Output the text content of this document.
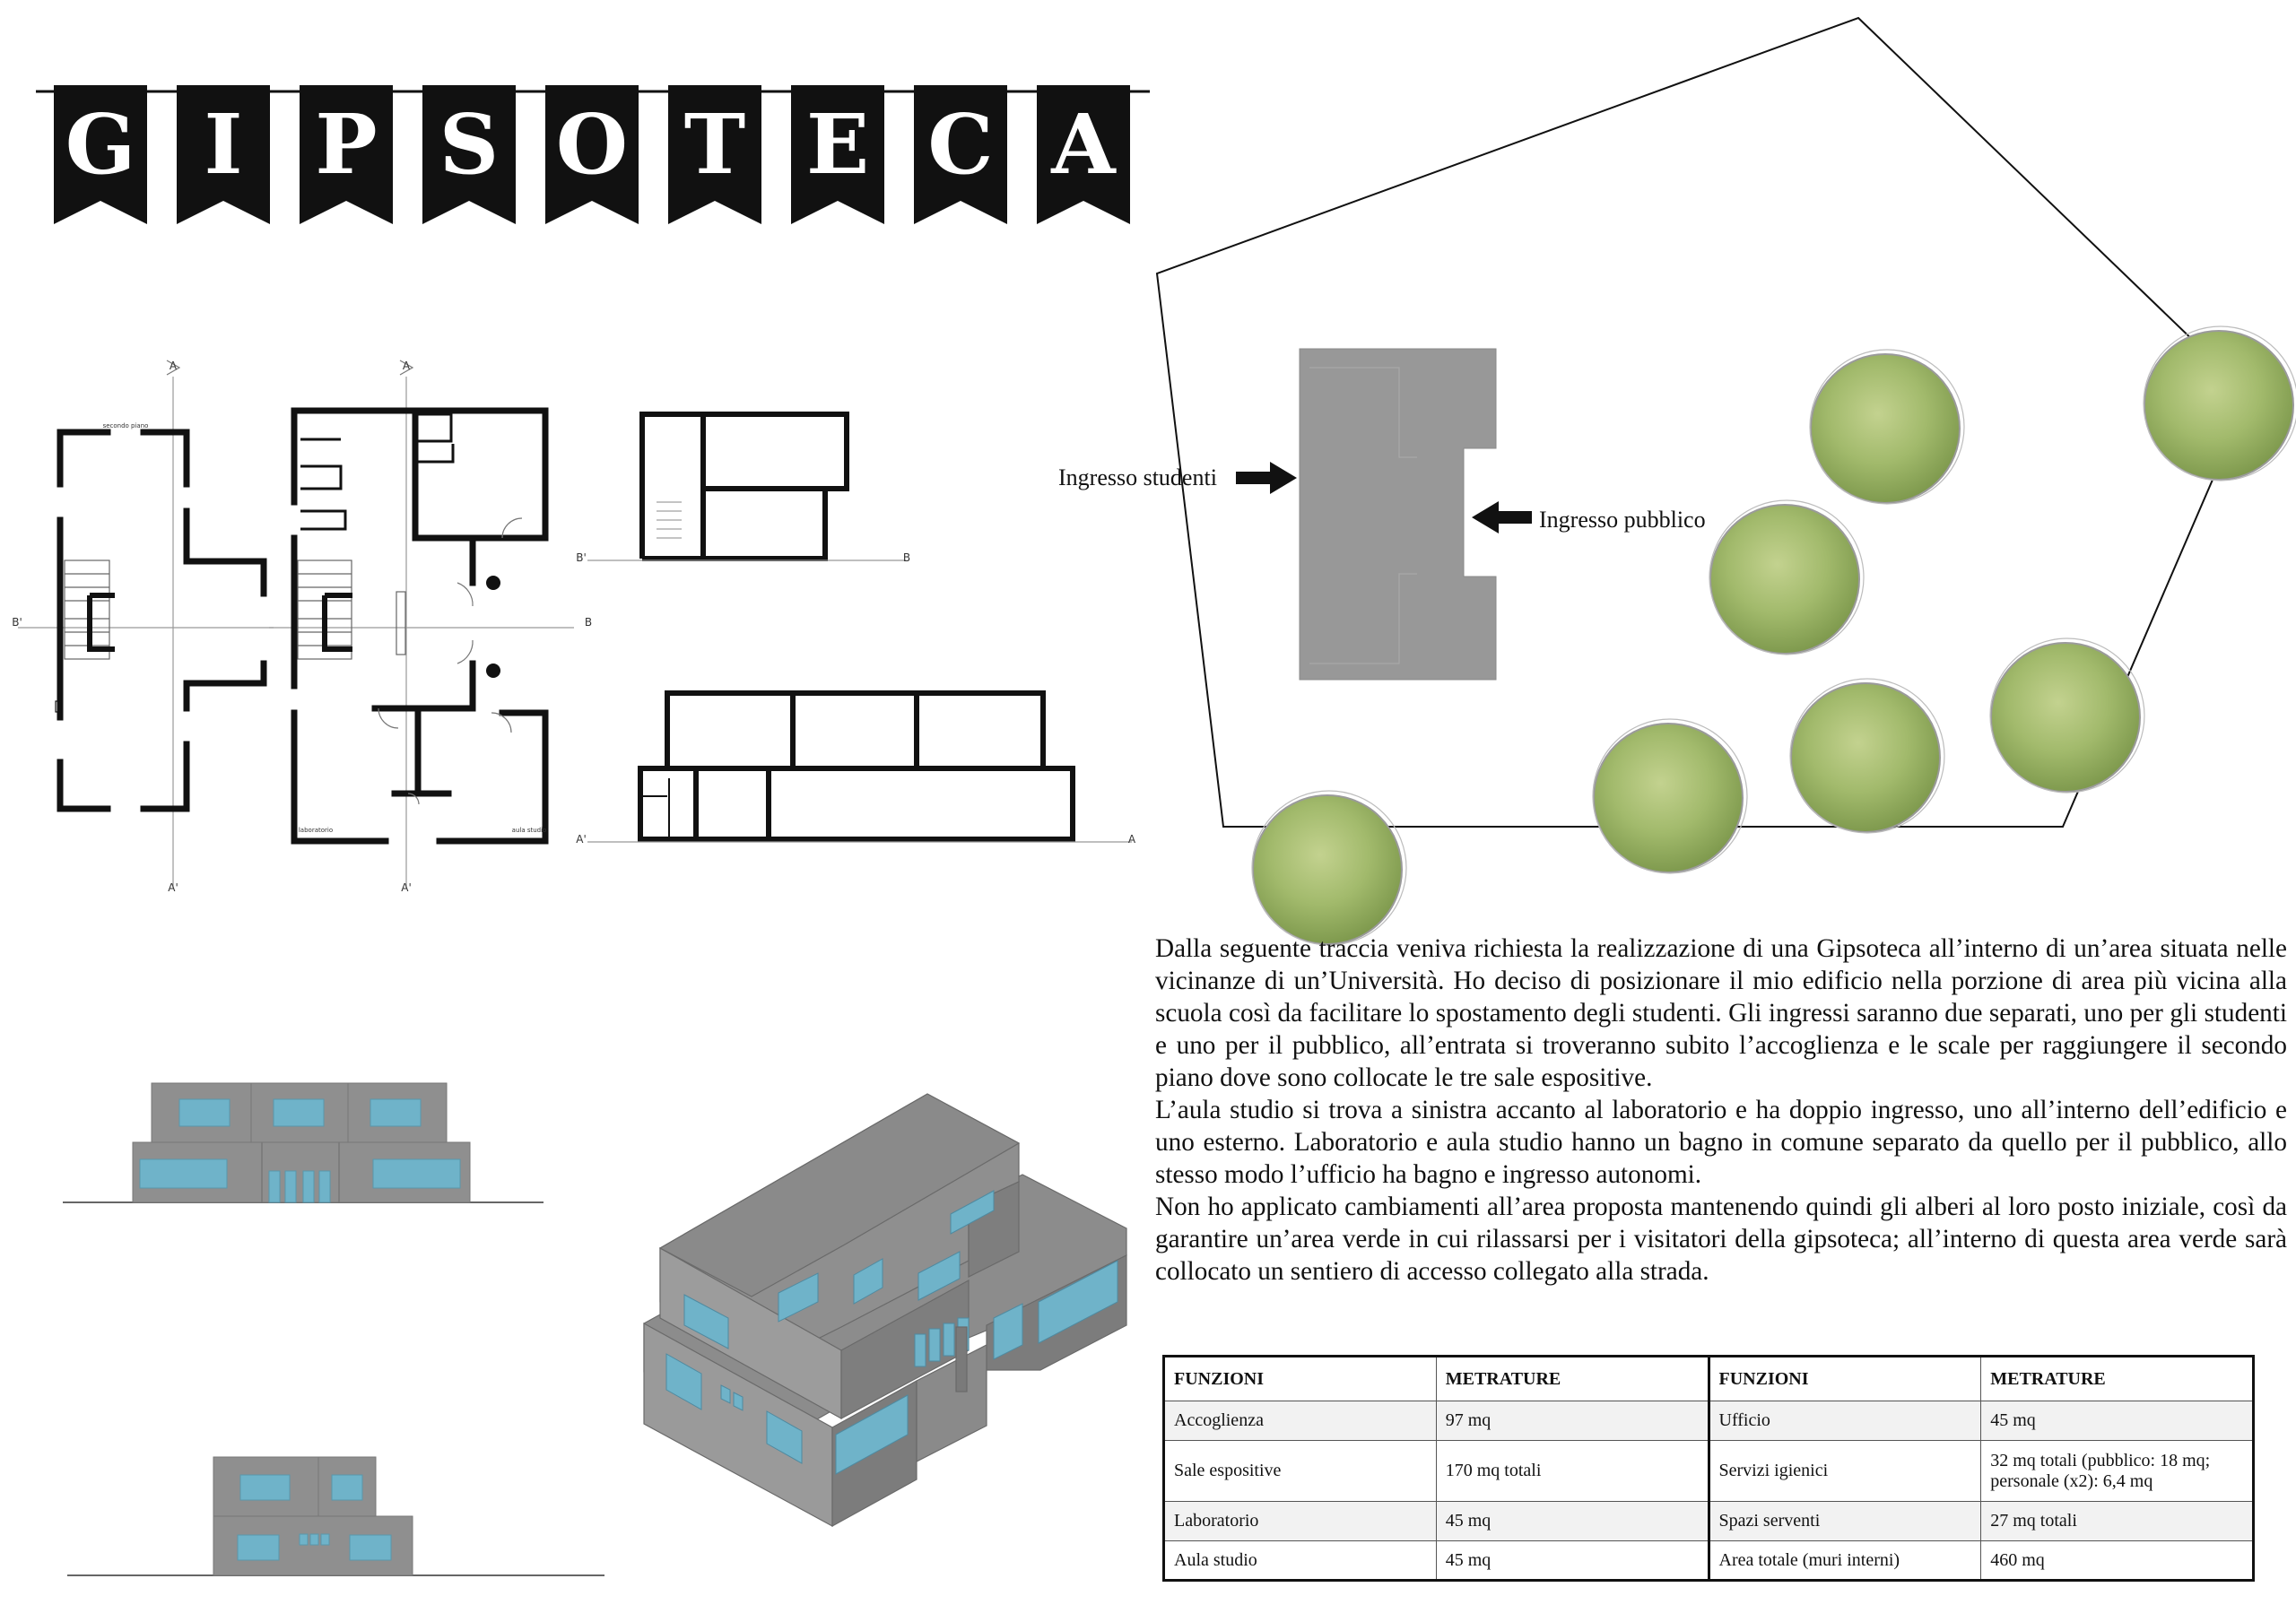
G I P S O T E C A
secondo piano
B'
A
A'
laboratorio	aula studio
B
A
A'
B'	B
A'	A
Ingresso studenti
Ingresso pubblico

Dalla seguente traccia veniva richiesta la realizzazione di una Gipsoteca all’interno di un’area situata nelle vicinanze di un’Università. Ho deciso di posizionare il mio edificio nella porzione di area più vicina alla scuola così da facilitare lo spostamento degli studenti. Gli ingressi saranno due separati, uno per gli studenti e uno per il pubblico, all’entrata si troveranno subito l’accoglienza e le scale per raggiungere il secondo piano dove sono collocate le tre sale espositive.

L’aula studio si trova a sinistra accanto al laboratorio e ha doppio ingresso, uno all’interno dell’edificio e uno esterno. Laboratorio e aula studio hanno un bagno in comune separato da quello per il pubblico, allo stesso modo l’ufficio ha bagno e ingresso autonomi.

Non ho applicato cambiamenti all’area proposta mantenendo quindi gli alberi al loro posto iniziale, così da garantire un’area verde in cui rilassarsi per i visitatori della gipsoteca; all’interno di questa area verde sarà collocato un sentiero di accesso collegato alla strada.

FUNZIONI	METRATURE	FUNZIONI	METRATURE
Accoglienza	97 mq	Ufficio	45 mq
Sale espositive	170 mq totali	Servizi igienici	32 mq totali (pubblico: 18 mq; personale (x2): 6,4 mq
Laboratorio	45 mq	Spazi serventi	27 mq totali
Aula studio	45 mq	Area totale (muri interni)	460 mq
